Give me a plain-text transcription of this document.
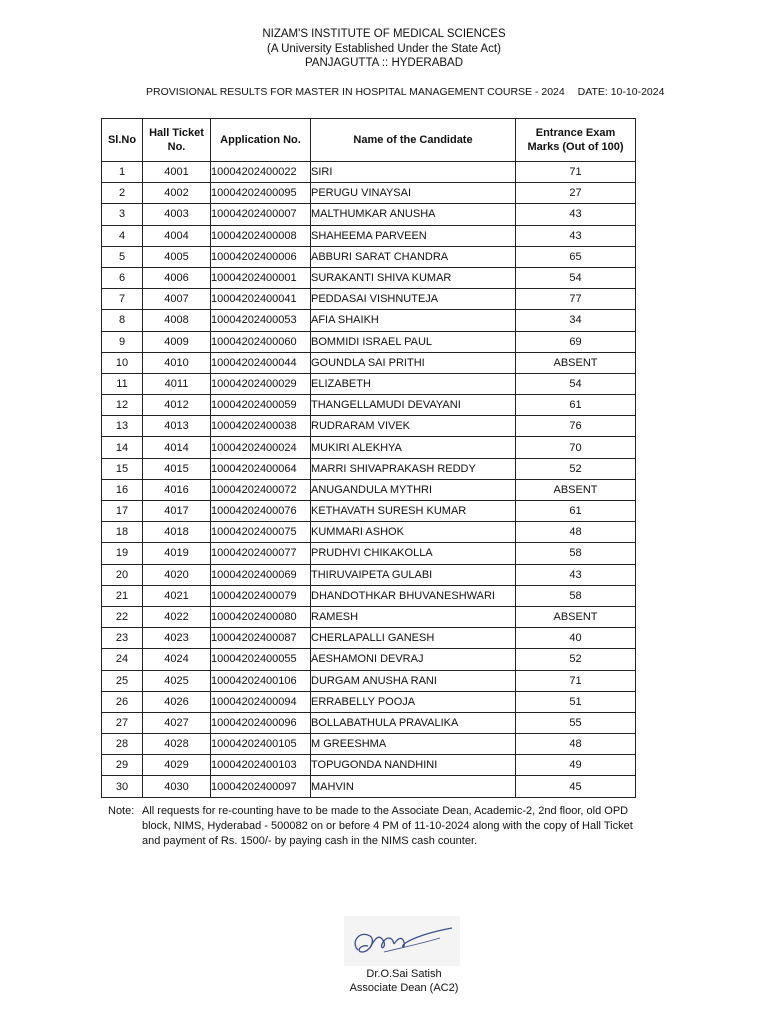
NIZAM'S INSTITUTE OF MEDICAL SCIENCES
(A University Established Under the State Act)
PANJAGUTTA :: HYDERABAD
PROVISIONAL RESULTS FOR MASTER IN HOSPITAL MANAGEMENT COURSE - 2024 DATE: 10-10-2024
Sl.No	Hall Ticket No.	Application No.	Name of the Candidate	Entrance Exam Marks (Out of 100)
1	4001	10004202400022	SIRI	71
2	4002	10004202400095	PERUGU VINAYSAI	27
3	4003	10004202400007	MALTHUMKAR ANUSHA	43
4	4004	10004202400008	SHAHEEMA PARVEEN	43
5	4005	10004202400006	ABBURI SARAT CHANDRA	65
6	4006	10004202400001	SURAKANTI SHIVA KUMAR	54
7	4007	10004202400041	PEDDASAI VISHNUTEJA	77
8	4008	10004202400053	AFIA SHAIKH	34
9	4009	10004202400060	BOMMIDI ISRAEL PAUL	69
10	4010	10004202400044	GOUNDLA SAI PRITHI	ABSENT
11	4011	10004202400029	ELIZABETH	54
12	4012	10004202400059	THANGELLAMUDI DEVAYANI	61
13	4013	10004202400038	RUDRARAM VIVEK	76
14	4014	10004202400024	MUKIRI ALEKHYA	70
15	4015	10004202400064	MARRI SHIVAPRAKASH REDDY	52
16	4016	10004202400072	ANUGANDULA MYTHRI	ABSENT
17	4017	10004202400076	KETHAVATH SURESH KUMAR	61
18	4018	10004202400075	KUMMARI ASHOK	48
19	4019	10004202400077	PRUDHVI CHIKAKOLLA	58
20	4020	10004202400069	THIRUVAIPETA GULABI	43
21	4021	10004202400079	DHANDOTHKAR BHUVANESHWARI	58
22	4022	10004202400080	RAMESH	ABSENT
23	4023	10004202400087	CHERLAPALLI GANESH	40
24	4024	10004202400055	AESHAMONI DEVRAJ	52
25	4025	10004202400106	DURGAM ANUSHA RANI	71
26	4026	10004202400094	ERRABELLY POOJA	51
27	4027	10004202400096	BOLLABATHULA PRAVALIKA	55
28	4028	10004202400105	M GREESHMA	48
29	4029	10004202400103	TOPUGONDA NANDHINI	49
30	4030	10004202400097	MAHVIN	45
Note: All requests for re-counting have to be made to the Associate Dean, Academic-2, 2nd floor, old OPD block, NIMS, Hyderabad - 500082 on or before 4 PM of 11-10-2024 along with the copy of Hall Ticket and payment of Rs. 1500/- by paying cash in the NIMS cash counter.
Dr.O.Sai Satish
Associate Dean (AC2)
